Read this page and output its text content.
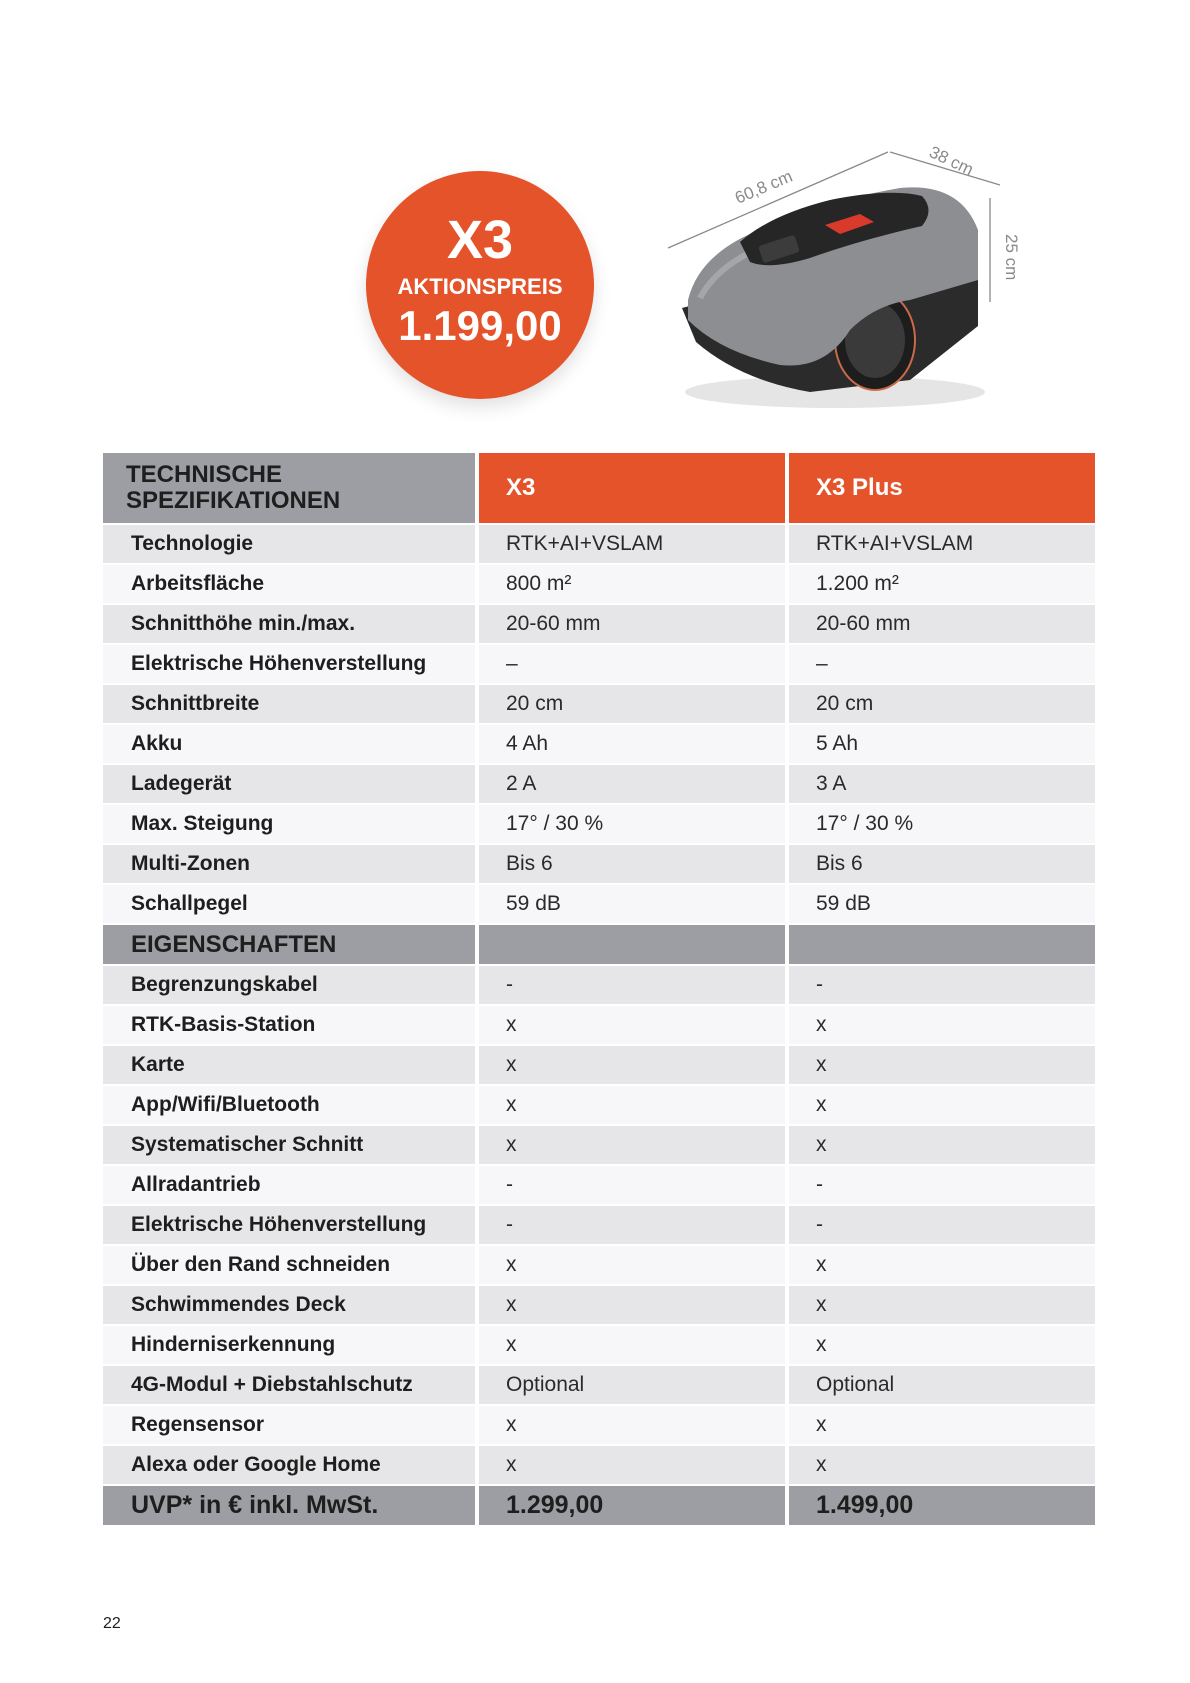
X3
AKTIONSPREIS
1.199,00
60,8 cm
38 cm
25 cm
TECHNISCHE
SPEZIFIKATIONEN	X3	X3 Plus
Technologie	RTK+AI+VSLAM	RTK+AI+VSLAM
Arbeitsfläche	800 m²	1.200 m²
Schnitthöhe min./max.	20-60 mm	20-60 mm
Elektrische Höhenverstellung	–	–
Schnittbreite	20 cm	20 cm
Akku	4 Ah	5 Ah
Ladegerät	2 A	3 A
Max. Steigung	17° / 30 %	17° / 30 %
Multi-Zonen	Bis 6	Bis 6
Schallpegel	59 dB	59 dB
EIGENSCHAFTEN		
Begrenzungskabel	-	-
RTK-Basis-Station	x	x
Karte	x	x
App/Wifi/Bluetooth	x	x
Systematischer Schnitt	x	x
Allradantrieb	-	-
Elektrische Höhenverstellung	-	-
Über den Rand schneiden	x	x
Schwimmendes Deck	x	x
Hinderniserkennung	x	x
4G-Modul + Diebstahlschutz	Optional	Optional
Regensensor	x	x
Alexa oder Google Home	x	x
UVP* in € inkl. MwSt.	1.299,00	1.499,00
22
